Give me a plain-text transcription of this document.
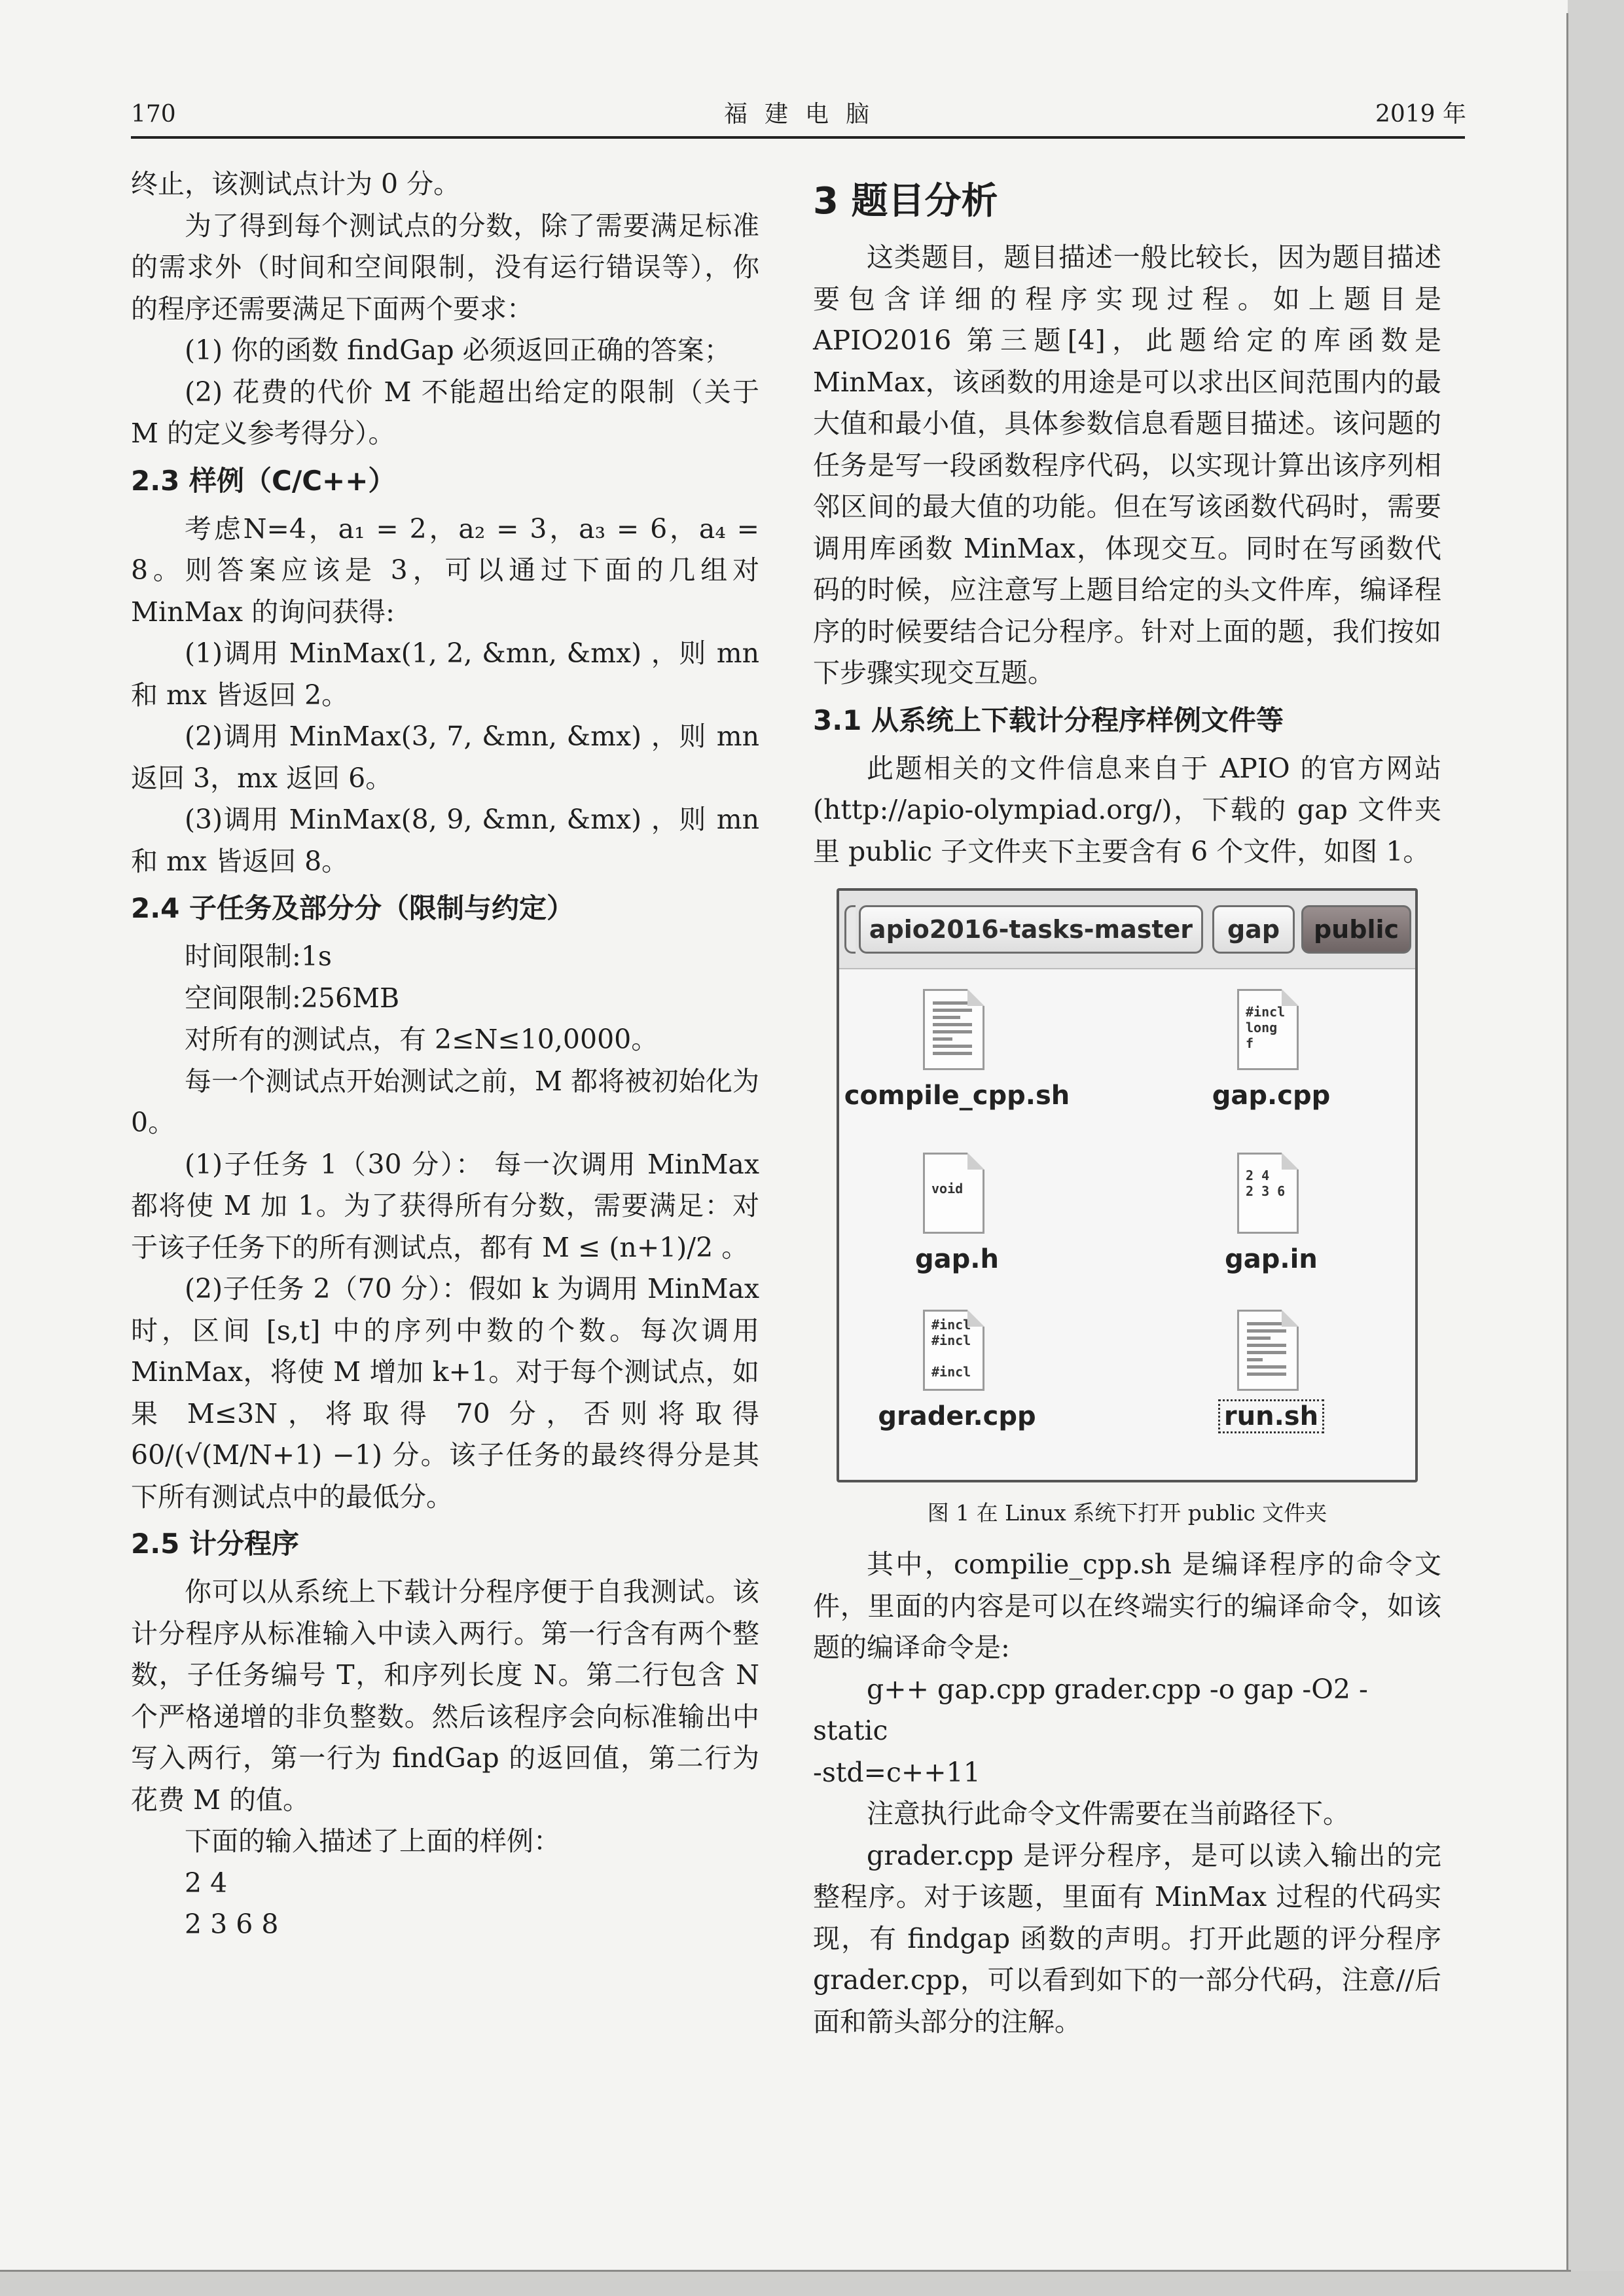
170	福建电脑	2019 年

终止，该测试点计为 0 分。

为了得到每个测试点的分数，除了需要满足标准的需求外（时间和空间限制，没有运行错误等），你的程序还需要满足下面两个要求：

(1) 你的函数 findGap 必须返回正确的答案；

(2) 花费的代价 M 不能超出给定的限制（关于 M 的定义参考得分）。

2.3 样例（C/C++）

考虑N=4，a₁ = 2，a₂ = 3，a₃ = 6，a₄ = 8。则答案应该是 3，可以通过下面的几组对 MinMax 的询问获得:

(1)调用 MinMax(1, 2, &mn, &mx) ，则 mn 和 mx 皆返回 2。

(2)调用 MinMax(3, 7, &mn, &mx) ，则 mn 返回 3，mx 返回 6。

(3)调用 MinMax(8, 9, &mn, &mx) ，则 mn 和 mx 皆返回 8。

2.4 子任务及部分分（限制与约定）

时间限制:1s

空间限制:256MB

对所有的测试点，有 2≤N≤10,0000。

每一个测试点开始测试之前，M 都将被初始化为 0。

(1)子任务 1（30 分）： 每一次调用 MinMax 都将使 M 加 1。为了获得所有分数，需要满足：对于该子任务下的所有测试点，都有 M ≤ (n+1)/2 。

(2)子任务 2（70 分）：假如 k 为调用 MinMax 时，区间 [s,t] 中的序列中数的个数。每次调用 MinMax，将使 M 增加 k+1。对于每个测试点，如果 M≤3N，将取得 70 分，否则将取得 60/(√(M/N+1) −1) 分。该子任务的最终得分是其下所有测试点中的最低分。

2.5 计分程序

你可以从系统上下载计分程序便于自我测试。该计分程序从标准输入中读入两行。第一行含有两个整数，子任务编号 T，和序列长度 N。第二行包含 N 个严格递增的非负整数。然后该程序会向标准输出中写入两行，第一行为 findGap 的返回值，第二行为花费 M 的值。

下面的输入描述了上面的样例：

2 4

2 3 6 8

3 题目分析

这类题目，题目描述一般比较长，因为题目描述要包含详细的程序实现过程。如上题目是 APIO2016 第三题[4]，此题给定的库函数是 MinMax，该函数的用途是可以求出区间范围内的最大值和最小值，具体参数信息看题目描述。该问题的任务是写一段函数程序代码，以实现计算出该序列相邻区间的最大值的功能。但在写该函数代码时，需要调用库函数 MinMax，体现交互。同时在写函数代码的时候，应注意写上题目给定的头文件库，编译程序的时候要结合记分程序。针对上面的题，我们按如下步骤实现交互题。

3.1 从系统上下载计分程序样例文件等

此题相关的文件信息来自于 APIO 的官方网站 (http://apio-olympiad.org/)，下载的 gap 文件夹里 public 子文件夹下主要含有 6 个文件，如图 1。

apio2016-tasks-master	gap	public
compile_cpp.sh
#incl
long
f
gap.cpp
void
gap.h
2 4
2 3 6
gap.in
#incl
#incl

#incl
grader.cpp	run.sh
图 1 在 Linux 系统下打开 public 文件夹

其中，compilie_cpp.sh 是编译程序的命令文件，里面的内容是可以在终端实行的编译命令，如该题的编译命令是:

g++ gap.cpp grader.cpp -o gap -O2 -static

-std=c++11

注意执行此命令文件需要在当前路径下。

grader.cpp 是评分程序，是可以读入输出的完整程序。对于该题，里面有 MinMax 过程的代码实现，有 findgap 函数的声明。打开此题的评分程序 grader.cpp，可以看到如下的一部分代码，注意//后面和箭头部分的注解。
